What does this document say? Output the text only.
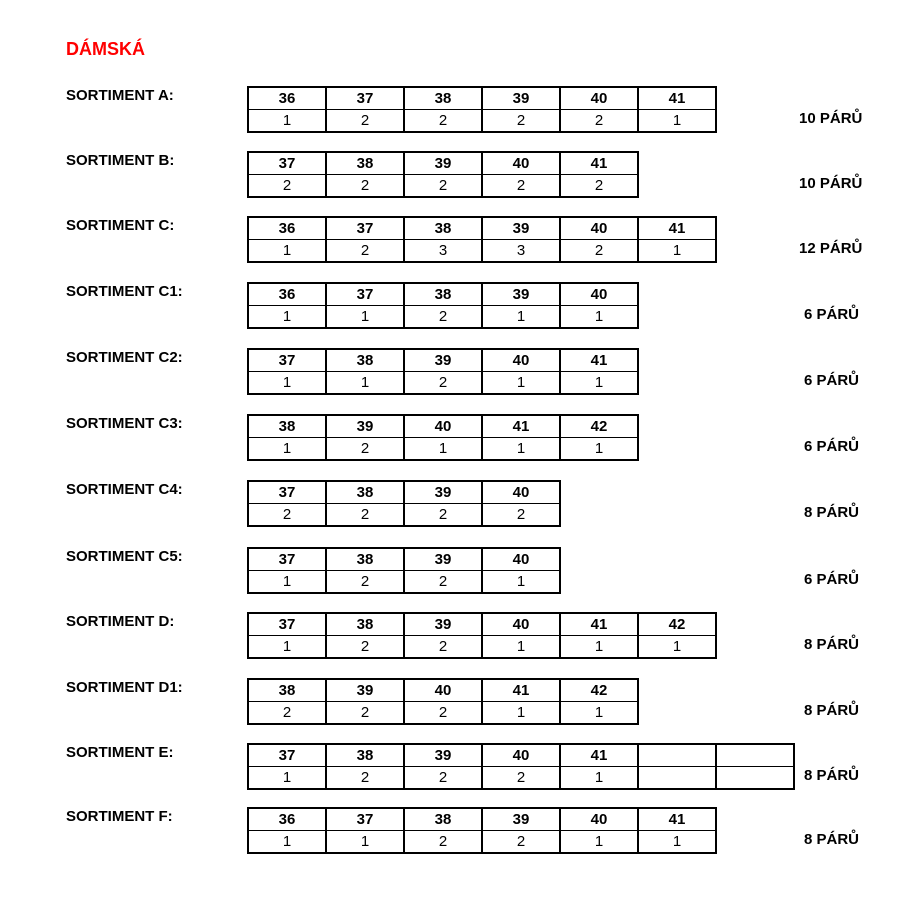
DÁMSKÁ
SORTIMENT A:	36	37	38	39	40	41
1	2	2	2	2	1	10 PÁRŮ
SORTIMENT B:	37	38	39	40	41
2	2	2	2	2	10 PÁRŮ
SORTIMENT C:	36	37	38	39	40	41
1	2	3	3	2	1	12 PÁRŮ
SORTIMENT C1:	36	37	38	39	40
1	1	2	1	1	6 PÁRŮ
SORTIMENT C2:	37	38	39	40	41
1	1	2	1	1	6 PÁRŮ
SORTIMENT C3:	38	39	40	41	42
1	2	1	1	1	6 PÁRŮ
SORTIMENT C4:	37	38	39	40
2	2	2	2	8 PÁRŮ
SORTIMENT C5:	37	38	39	40
1	2	2	1	6 PÁRŮ
SORTIMENT D:	37	38	39	40	41	42
1	2	2	1	1	1	8 PÁRŮ
SORTIMENT D1:	38	39	40	41	42
2	2	2	1	1	8 PÁRŮ
SORTIMENT E:	37	38	39	40	41		
1	2	2	2	1			8 PÁRŮ
SORTIMENT F:	36	37	38	39	40	41
1	1	2	2	1	1	8 PÁRŮ
